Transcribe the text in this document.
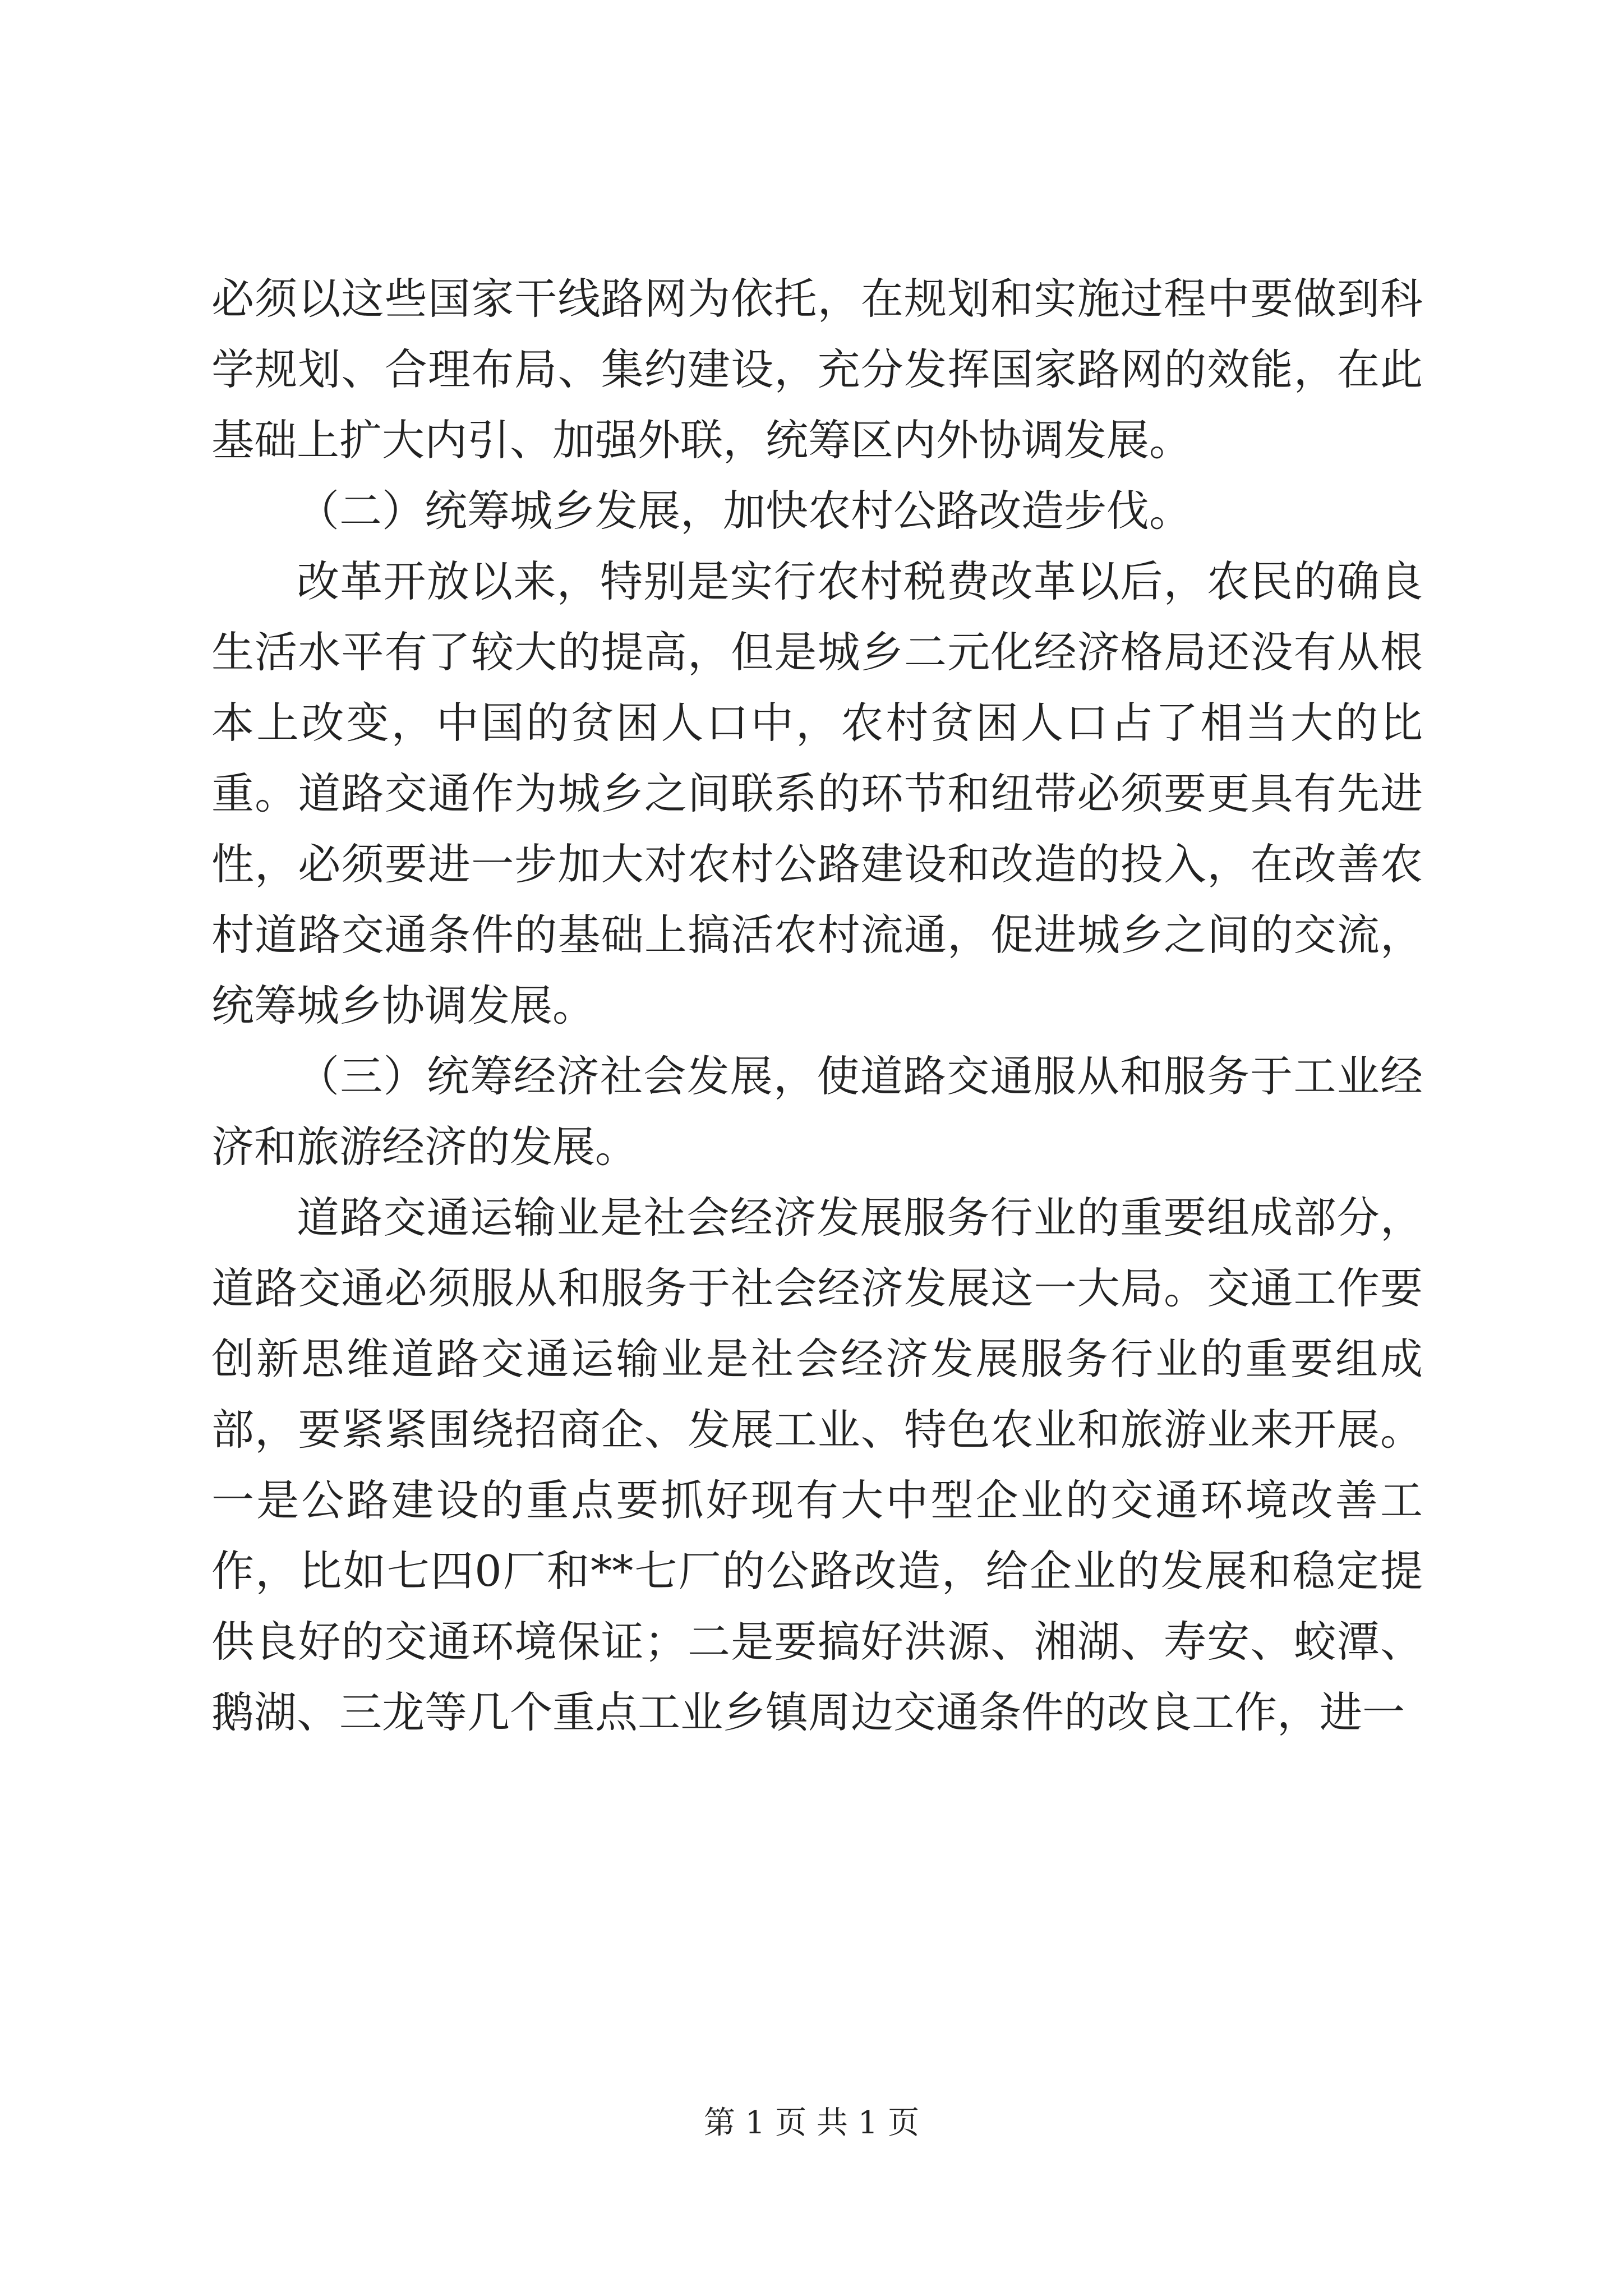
必须以这些国家干线路网为依托，在规划和实施过程中要做到科学规划、合理布局、集约建设，充分发挥国家路网的效能，在此基础上扩大内引、加强外联，统筹区内外协调发展。

（二）统筹城乡发展，加快农村公路改造步伐。

改革开放以来，特别是实行农村税费改革以后，农民的确良生活水平有了较大的提高，但是城乡二元化经济格局还没有从根本上改变，中国的贫困人口中，农村贫困人口占了相当大的比重。道路交通作为城乡之间联系的环节和纽带必须要更具有先进性，必须要进一步加大对农村公路建设和改造的投入，在改善农村道路交通条件的基础上搞活农村流通，促进城乡之间的交流，统筹城乡协调发展。

（三）统筹经济社会发展，使道路交通服从和服务于工业经济和旅游经济的发展。

道路交通运输业是社会经济发展服务行业的重要组成部分，道路交通必须服从和服务于社会经济发展这一大局。交通工作要创新思维道路交通运输业是社会经济发展服务行业的重要组成部，要紧紧围绕招商企、发展工业、特色农业和旅游业来开展。一是公路建设的重点要抓好现有大中型企业的交通环境改善工作，比如七四0厂和**七厂的公路改造，给企业的发展和稳定提供良好的交通环境保证；二是要搞好洪源、湘湖、寿安、蛟潭、鹅湖、三龙等几个重点工业乡镇周边交通条件的改良工作，进一

第 1 页 共 1 页
